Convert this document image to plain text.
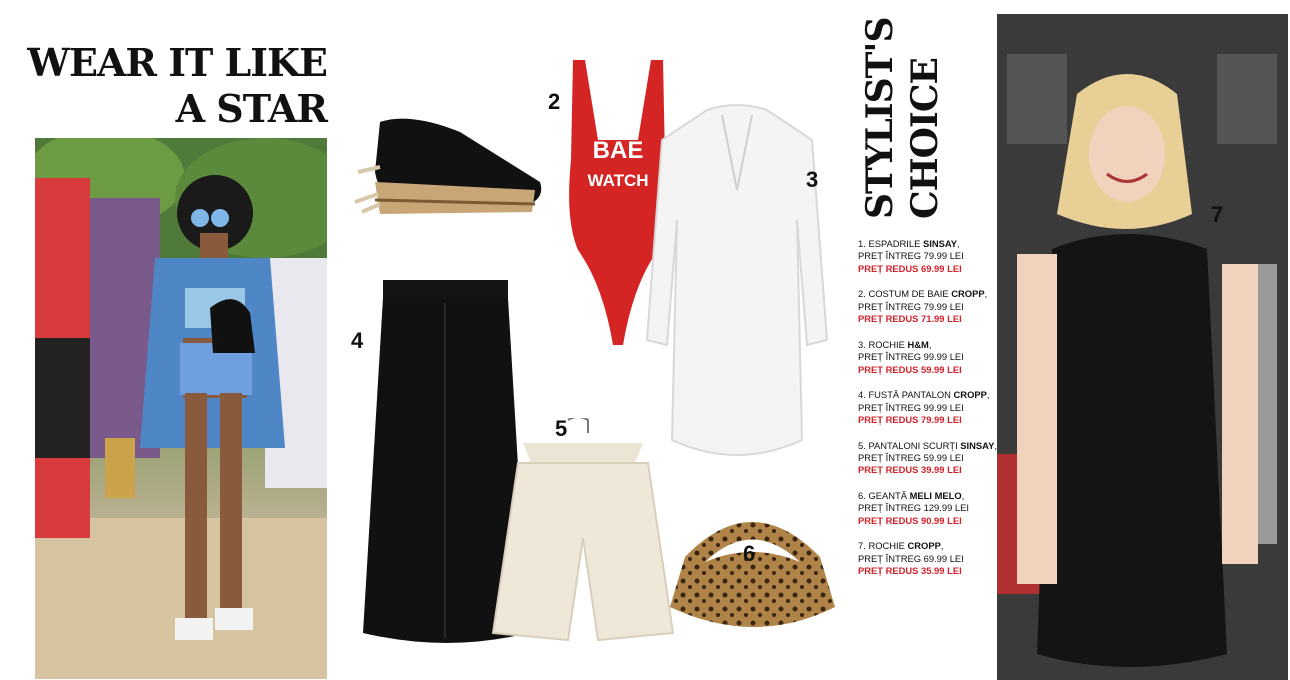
WEAR IT LIKE
A STAR
1	BAE
WATCH
2
3
4
5
6
STYLIST'S CHOICE
1. ESPADRILE SINSAY,
PREȚ ÎNTREG 79.99 LEI
PREȚ REDUS 69.99 LEI
2. COSTUM DE BAIE CROPP,
PREȚ ÎNTREG 79.99 LEI
PREȚ REDUS 71.99 LEI
3. ROCHIE H&M,
PREȚ ÎNTREG 99.99 LEI
PREȚ REDUS 59.99 LEI
4. FUSTĂ PANTALON CROPP,
PREȚ ÎNTREG 99.99 LEI
PREȚ REDUS 79.99 LEI
5. PANTALONI SCURȚI SINSAY,
PREȚ ÎNTREG 59.99 LEI
PREȚ REDUS 39.99 LEI
6. GEANTĂ MELI MELO,
PREȚ ÎNTREG 129.99 LEI
PREȚ REDUS 90.99 LEI
7. ROCHIE CROPP,
PREȚ ÎNTREG 69.99 LEI
PREȚ REDUS 35.99 LEI
7
